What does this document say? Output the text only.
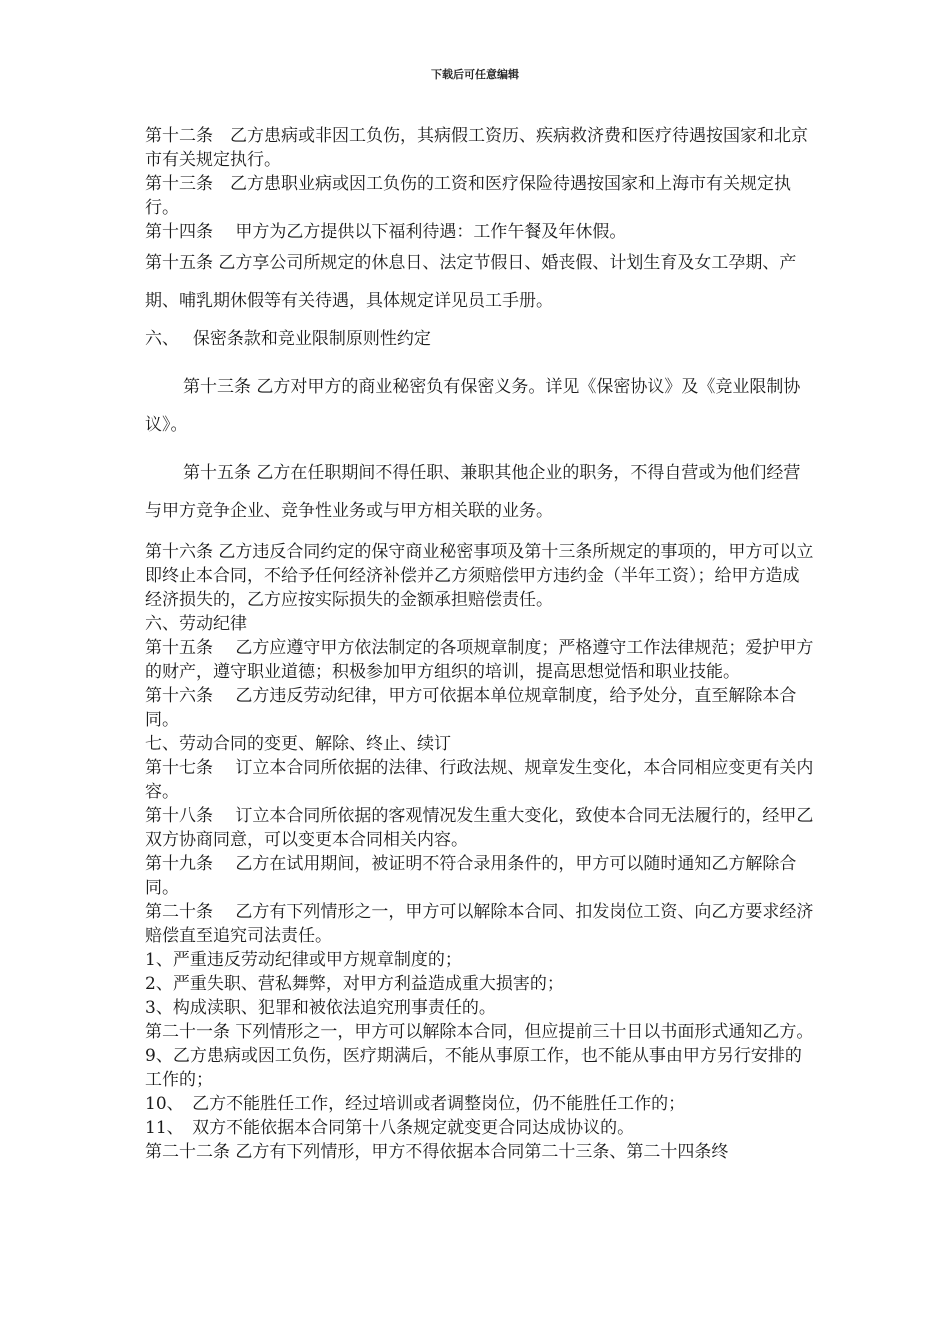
下载后可任意编辑

第十二条　乙方患病或非因工负伤，其病假工资历、疾病救济费和医疗待遇按国家和北京市有关规定执行。

第十三条　乙方患职业病或因工负伤的工资和医疗保险待遇按国家和上海市有关规定执行。

第十四条　 甲方为乙方提供以下福利待遇：工作午餐及年休假。

第十五条 乙方享公司所规定的休息日、法定节假日、婚丧假、计划生育及女工孕期、产期、哺乳期休假等有关待遇，具体规定详见员工手册。

六、　 保密条款和竞业限制原则性约定

第十三条 乙方对甲方的商业秘密负有保密义务。详见《保密协议》及《竞业限制协议》。

第十五条 乙方在任职期间不得任职、兼职其他企业的职务，不得自营或为他们经营与甲方竞争企业、竞争性业务或与甲方相关联的业务。

第十六条 乙方违反合同约定的保守商业秘密事项及第十三条所规定的事项的，甲方可以立即终止本合同，不给予任何经济补偿并乙方须赔偿甲方违约金（半年工资）；给甲方造成经济损失的，乙方应按实际损失的金额承担赔偿责任。

六、劳动纪律

第十五条　 乙方应遵守甲方依法制定的各项规章制度；严格遵守工作法律规范；爱护甲方的财产，遵守职业道德；积极参加甲方组织的培训，提高思想觉悟和职业技能。

第十六条　 乙方违反劳动纪律，甲方可依据本单位规章制度，给予处分，直至解除本合同。

七、劳动合同的变更、解除、终止、续订

第十七条　 订立本合同所依据的法律、行政法规、规章发生变化，本合同相应变更有关内容。

第十八条　 订立本合同所依据的客观情况发生重大变化，致使本合同无法履行的，经甲乙双方协商同意，可以变更本合同相关内容。

第十九条　 乙方在试用期间，被证明不符合录用条件的，甲方可以随时通知乙方解除合同。

第二十条　 乙方有下列情形之一，甲方可以解除本合同、扣发岗位工资、向乙方要求经济赔偿直至追究司法责任。

1、严重违反劳动纪律或甲方规章制度的；

2、严重失职、营私舞弊，对甲方利益造成重大损害的；

3、构成渎职、犯罪和被依法追究刑事责任的。

第二十一条 下列情形之一，甲方可以解除本合同，但应提前三十日以书面形式通知乙方。

9、乙方患病或因工负伤，医疗期满后，不能从事原工作，也不能从事由甲方另行安排的工作的；

10、　乙方不能胜任工作，经过培训或者调整岗位，仍不能胜任工作的；

11、　双方不能依据本合同第十八条规定就变更合同达成协议的。

第二十二条 乙方有下列情形，甲方不得依据本合同第二十三条、第二十四条终
